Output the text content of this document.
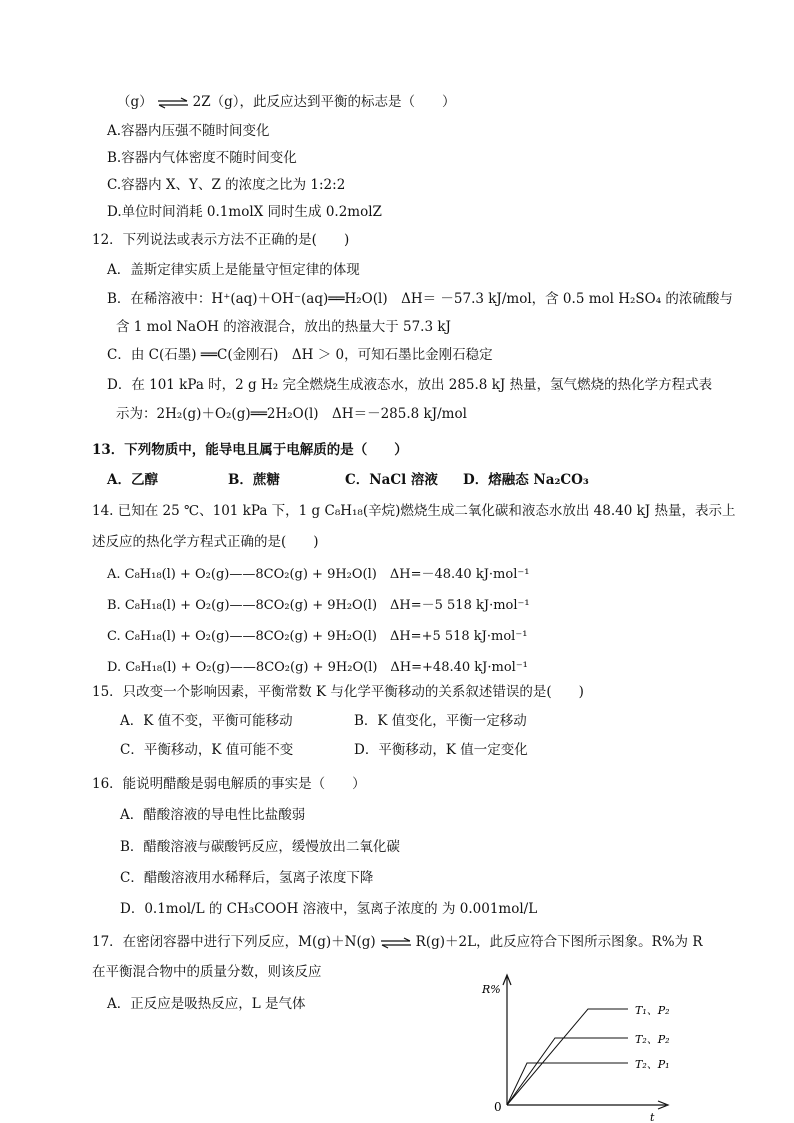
（g） ⇌ 2Z（g），此反应达到平衡的标志是（　　）
A.容器内压强不随时间变化
B.容器内气体密度不随时间变化
C.容器内 X、Y、Z 的浓度之比为 1:2:2
D.单位时间消耗 0.1molX 同时生成 0.2molZ
12．下列说法或表示方法不正确的是(　　)
A．盖斯定律实质上是能量守恒定律的体现
B．在稀溶液中：H⁺(aq)＋OH⁻(aq)══H₂O(l)　ΔH＝ －57.3 kJ/mol，含 0.5 mol H₂SO₄ 的浓硫酸与
含 1 mol NaOH 的溶液混合，放出的热量大于 57.3 kJ
C．由 C(石墨) ══C(金刚石)　ΔH ＞ 0，可知石墨比金刚石稳定
D．在 101 kPa 时，2 g H₂ 完全燃烧生成液态水，放出 285.8 kJ 热量，氢气燃烧的热化学方程式表
示为：2H₂(g)＋O₂(g)══2H₂O(l)　ΔH＝－285.8 kJ/mol
13．下列物质中，能导电且属于电解质的是（　　）
A．乙醇	B．蔗糖	C．NaCl 溶液 D．熔融态 Na₂CO₃
14. 已知在 25 ℃、101 kPa 下，1 g C₈H₁₈(辛烷)燃烧生成二氧化碳和液态水放出 48.40 kJ 热量，表示上
述反应的热化学方程式正确的是(　　)
A. C₈H₁₈(l) + O₂(g)——8CO₂(g) + 9H₂O(l)　ΔH=－48.40 kJ·mol⁻¹
B. C₈H₁₈(l) + O₂(g)——8CO₂(g) + 9H₂O(l)　ΔH=－5 518 kJ·mol⁻¹
C. C₈H₁₈(l) + O₂(g)——8CO₂(g) + 9H₂O(l)　ΔH=+5 518 kJ·mol⁻¹
D. C₈H₁₈(l) + O₂(g)——8CO₂(g) + 9H₂O(l)　ΔH=+48.40 kJ·mol⁻¹
15．只改变一个影响因素，平衡常数 K 与化学平衡移动的关系叙述错误的是(　　)
A．K 值不变，平衡可能移动	B．K 值变化，平衡一定移动
C．平衡移动，K 值可能不变	D．平衡移动，K 值一定变化
16．能说明醋酸是弱电解质的事实是（　　）
A．醋酸溶液的导电性比盐酸弱
B．醋酸溶液与碳酸钙反应，缓慢放出二氧化碳
C．醋酸溶液用水稀释后，氢离子浓度下降
D．0.1mol/L 的 CH₃COOH 溶液中，氢离子浓度的 为 0.001mol/L
17．在密闭容器中进行下列反应，M(g)＋N(g) ⇌ R(g)＋2L，此反应符合下图所示图象。R%为 R
在平衡混合物中的质量分数，则该反应
A．正反应是吸热反应，L 是气体
R%
t
0
T₁、P₂
T₂、P₂
T₂、P₁
